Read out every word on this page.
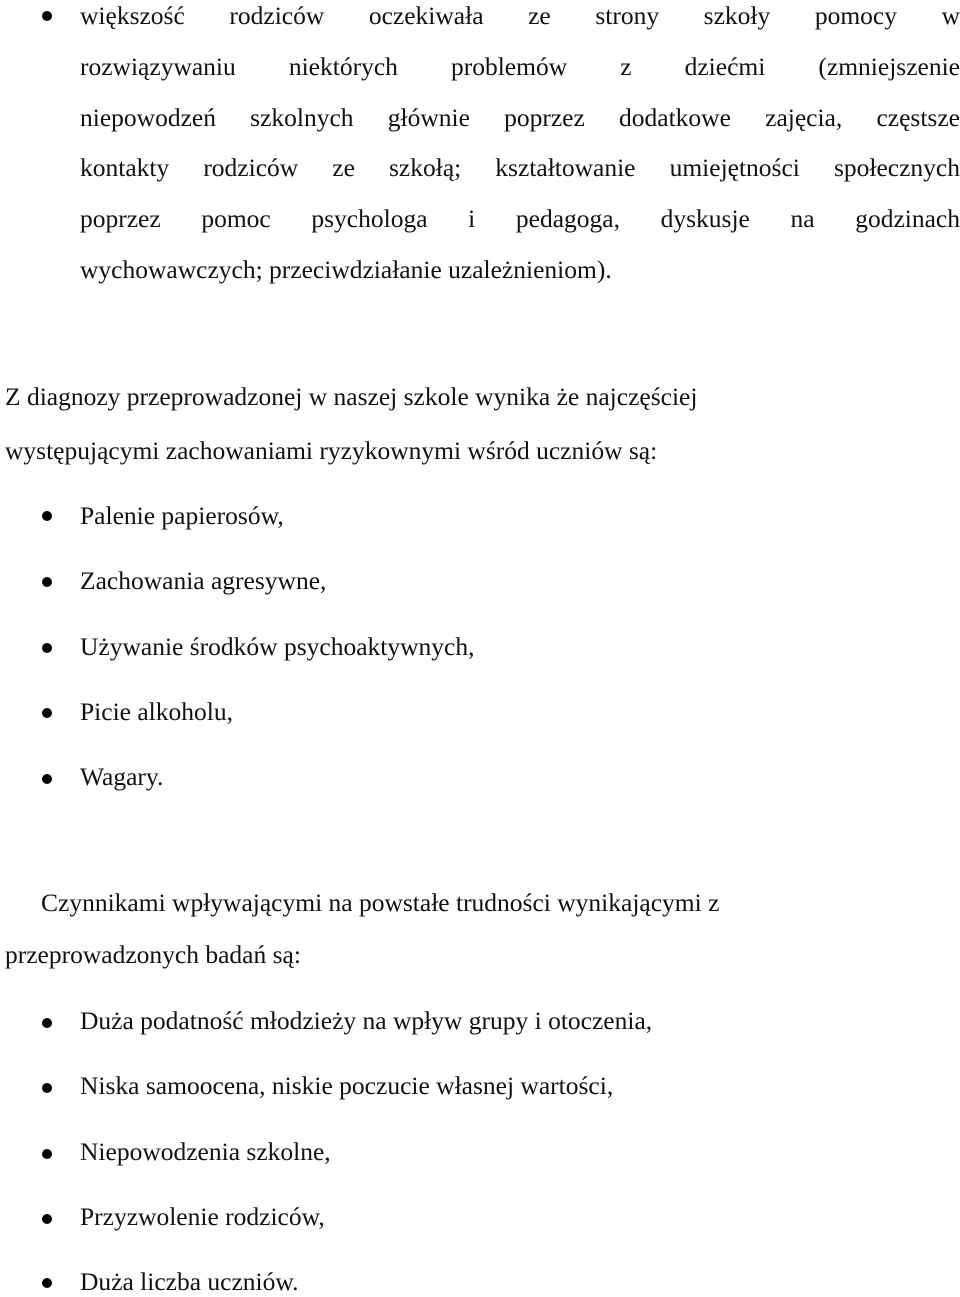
większość rodziców oczekiwała ze strony szkoły pomocy w
rozwiązywaniu niektórych problemów z dziećmi (zmniejszenie
niepowodzeń szkolnych głównie poprzez dodatkowe zajęcia, częstsze
kontakty rodziców ze szkołą; kształtowanie umiejętności społecznych
poprzez pomoc psychologa i pedagoga, dyskusje na godzinach
wychowawczych; przeciwdziałanie uzależnieniom).
Z diagnozy przeprowadzonej w naszej szkole wynika że najczęściej
występującymi zachowaniami ryzykownymi wśród uczniów są:
Palenie papierosów,
Zachowania agresywne,
Używanie środków psychoaktywnych,
Picie alkoholu,
Wagary.
Czynnikami wpływającymi na powstałe trudności wynikającymi z
przeprowadzonych badań są:
Duża podatność młodzieży na wpływ grupy i otoczenia,
Niska samoocena, niskie poczucie własnej wartości,
Niepowodzenia szkolne,
Przyzwolenie rodziców,
Duża liczba uczniów.
